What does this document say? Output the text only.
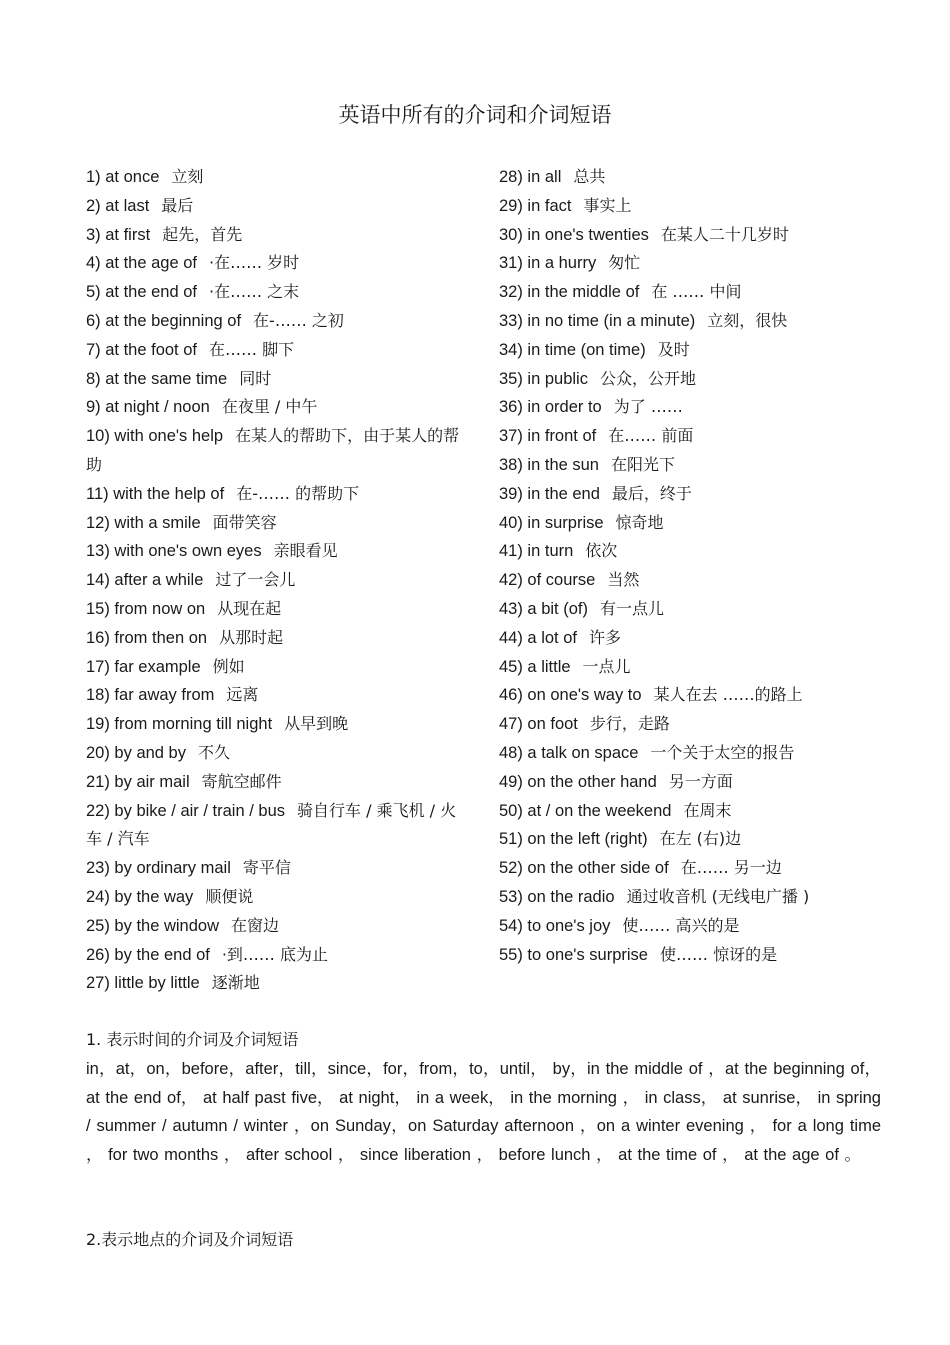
英语中所有的介词和介词短语
1) at once 立刻
2) at last 最后
3) at first 起先，首先
4) at the age of ·在…… 岁时
5) at the end of ·在…… 之末
6) at the beginning of 在-…… 之初
7) at the foot of 在…… 脚下
8) at the same time 同时
9) at night / noon 在夜里 / 中午
10) with one's help 在某人的帮助下，由于某人的帮助
11) with the help of 在-…… 的帮助下
12) with a smile 面带笑容
13) with one's own eyes 亲眼看见
14) after a while 过了一会儿
15) from now on 从现在起
16) from then on 从那时起
17) far example 例如
18) far away from 远离
19) from morning till night 从早到晚
20) by and by 不久
21) by air mail 寄航空邮件
22) by bike / air / train / bus 骑自行车 / 乘飞机 / 火车 / 汽车
23) by ordinary mail 寄平信
24) by the way 顺便说
25) by the window 在窗边
26) by the end of ·到…… 底为止
27) little by little 逐渐地
28) in all 总共
29) in fact 事实上
30) in one's twenties 在某人二十几岁时
31) in a hurry 匆忙
32) in the middle of 在 …… 中间
33) in no time (in a minute) 立刻，很快
34) in time (on time) 及时
35) in public 公众，公开地
36) in order to 为了 ……
37) in front of 在…… 前面
38) in the sun 在阳光下
39) in the end 最后，终于
40) in surprise 惊奇地
41) in turn 依次
42) of course 当然
43) a bit (of) 有一点儿
44) a lot of 许多
45) a little 一点儿
46) on one's way to 某人在去 ……的路上
47) on foot 步行，走路
48) a talk on space 一个关于太空的报告
49) on the other hand 另一方面
50) at / on the weekend 在周末
51) on the left (right) 在左 (右)边
52) on the other side of 在…… 另一边
53) on the radio 通过收音机 (无线电广播 )
54) to one's joy 使…… 高兴的是
55) to one's surprise 使…… 惊讶的是
1. 表示时间的介词及介词短语
in，at，on，before，after，till，since，for，from，to，until， by，in the middle of ，at the beginning of， at the end of， at half past five， at night， in a week， in the morning ， in class， at sunrise， in spring / summer / autumn / winter ，on Sunday，on Saturday afternoon ，on a winter evening ， for a long time ， for two months ， after school ， since liberation ， before lunch ， at the time of ， at the age of 。
2.表示地点的介词及介词短语
